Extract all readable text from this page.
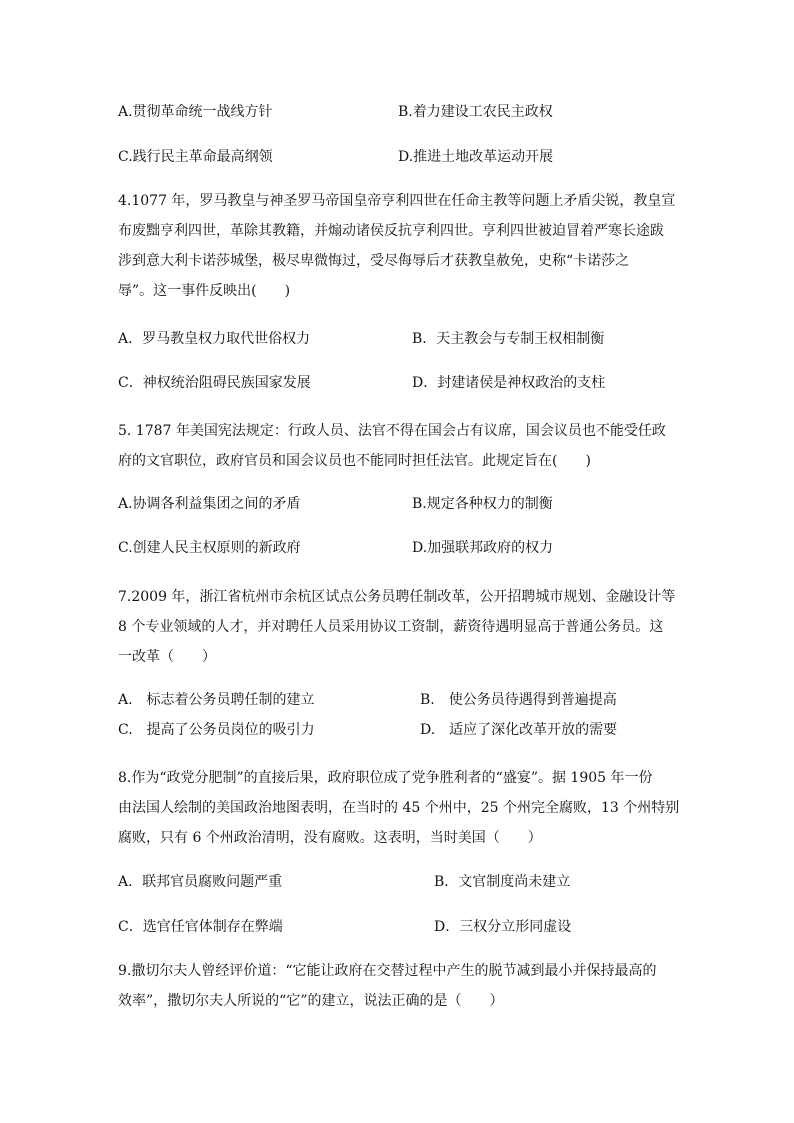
A.贯彻革命统一战线方针	B.着力建设工农民主政权
C.践行民主革命最高纲领	D.推进土地改革运动开展
4.1077 年，罗马教皇与神圣罗马帝国皇帝亨利四世在任命主教等问题上矛盾尖锐，教皇宣
布废黜亨利四世，革除其教籍，并煽动诸侯反抗亨利四世。亨利四世被迫冒着严寒长途跋
涉到意大利卡诺莎城堡，极尽卑微悔过，受尽侮辱后才获教皇赦免，史称“卡诺莎之
辱”。这一事件反映出(　　)
A．罗马教皇权力取代世俗权力	B．天主教会与专制王权相制衡
C．神权统治阻碍民族国家发展	D．封建诸侯是神权政治的支柱
5. 1787 年美国宪法规定：行政人员、法官不得在国会占有议席，国会议员也不能受任政
府的文官职位，政府官员和国会议员也不能同时担任法官。此规定旨在(　　)
A.协调各利益集团之间的矛盾	B.规定各种权力的制衡
C.创建人民主权原则的新政府	D.加强联邦政府的权力
7.2009 年，浙江省杭州市余杭区试点公务员聘任制改革，公开招聘城市规划、金融设计等
8 个专业领域的人才，并对聘任人员采用协议工资制，薪资待遇明显高于普通公务员。这
一改革（　　）
A.　标志着公务员聘任制的建立	B.　使公务员待遇得到普遍提高
C.　提高了公务员岗位的吸引力	D.　适应了深化改革开放的需要
8.作为“政党分肥制”的直接后果，政府职位成了党争胜利者的“盛宴”。据 1905 年一份
由法国人绘制的美国政治地图表明，在当时的 45 个州中，25 个州完全腐败，13 个州特别
腐败，只有 6 个州政治清明，没有腐败。这表明，当时美国（　　）
A．联邦官员腐败问题严重	B．文官制度尚未建立
C．选官任官体制存在弊端	D．三权分立形同虚设
9.撒切尔夫人曾经评价道：“它能让政府在交替过程中产生的脱节减到最小并保持最高的
效率”，撒切尔夫人所说的“它”的建立，说法正确的是（　　）
